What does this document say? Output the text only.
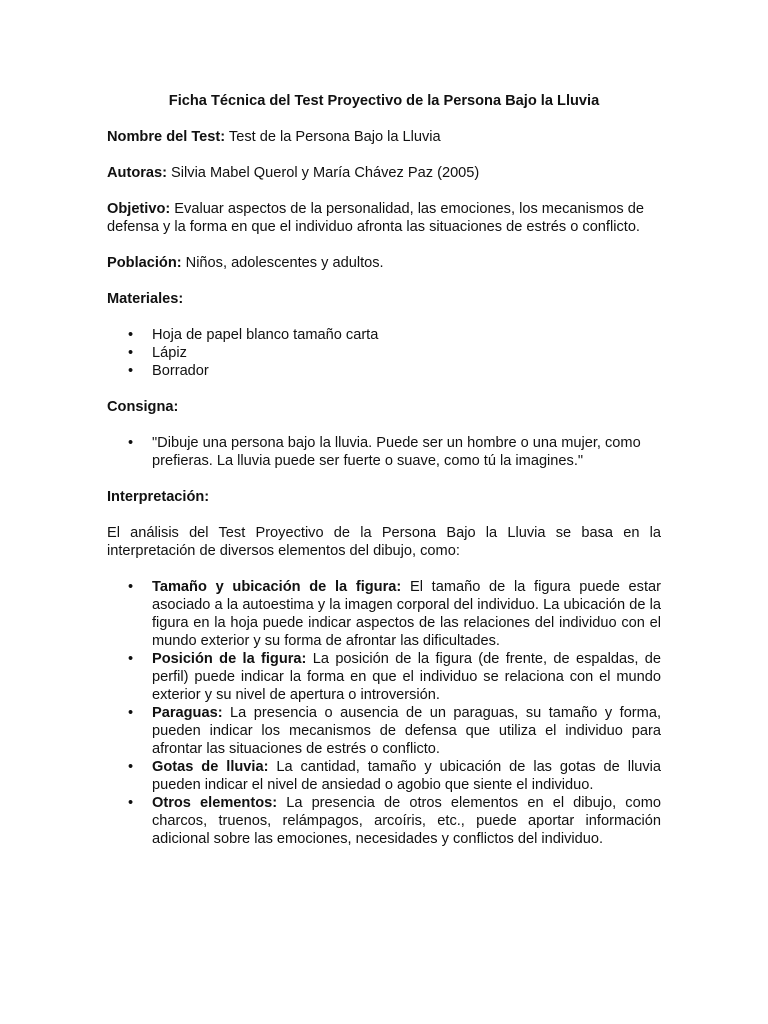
Ficha Técnica del Test Proyectivo de la Persona Bajo la Lluvia
Nombre del Test: Test de la Persona Bajo la Lluvia
Autoras: Silvia Mabel Querol y María Chávez Paz (2005)
Objetivo: Evaluar aspectos de la personalidad, las emociones, los mecanismos de defensa y la forma en que el individuo afronta las situaciones de estrés o conflicto.
Población: Niños, adolescentes y adultos.
Materiales:
• Hoja de papel blanco tamaño carta
• Lápiz
• Borrador
Consigna:
• "Dibuje una persona bajo la lluvia. Puede ser un hombre o una mujer, como prefieras. La lluvia puede ser fuerte o suave, como tú la imagines."
Interpretación:
El análisis del Test Proyectivo de la Persona Bajo la Lluvia se basa en la interpretación de diversos elementos del dibujo, como:
• Tamaño y ubicación de la figura: El tamaño de la figura puede estar asociado a la autoestima y la imagen corporal del individuo. La ubicación de la figura en la hoja puede indicar aspectos de las relaciones del individuo con el mundo exterior y su forma de afrontar las dificultades.
• Posición de la figura: La posición de la figura (de frente, de espaldas, de perfil) puede indicar la forma en que el individuo se relaciona con el mundo exterior y su nivel de apertura o introversión.
• Paraguas: La presencia o ausencia de un paraguas, su tamaño y forma, pueden indicar los mecanismos de defensa que utiliza el individuo para afrontar las situaciones de estrés o conflicto.
• Gotas de lluvia: La cantidad, tamaño y ubicación de las gotas de lluvia pueden indicar el nivel de ansiedad o agobio que siente el individuo.
• Otros elementos: La presencia de otros elementos en el dibujo, como charcos, truenos, relámpagos, arcoíris, etc., puede aportar información adicional sobre las emociones, necesidades y conflictos del individuo.
